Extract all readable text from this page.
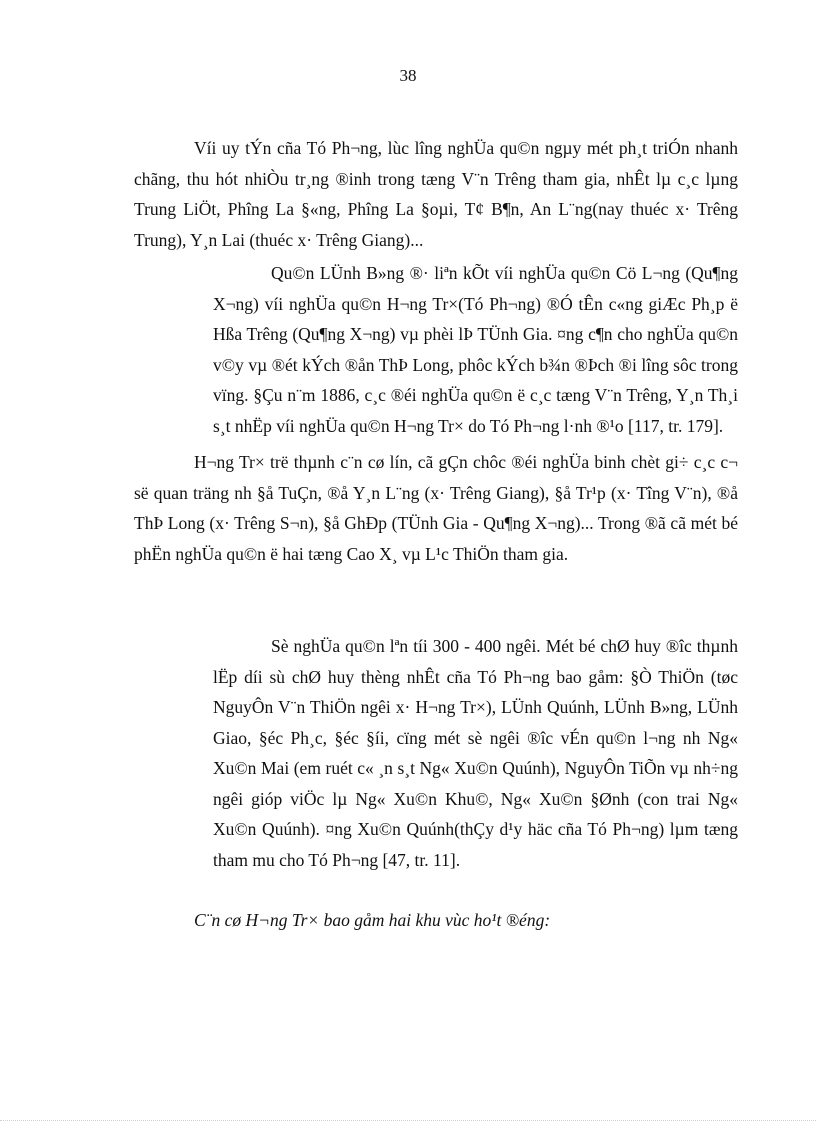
38

Víi uy tÝn cña Tó Ph¬ng, lùc lîng nghÜa qu©n ngµy mét ph¸t triÓn nhanh chãng, thu hót nhiÒu tr¸ng ®inh trong tæng V¨n Trêng tham gia, nhÊt lµ c¸c lµng Trung LiÖt, Phîng La §«ng, Phîng La §oµi, T¢ B¶n, An L¨ng(nay thuéc x· Trêng Trung), Y¸n Lai (thuéc x· Trêng Giang)...

Qu©n LÜnh B»ng ®· liªn kÕt víi nghÜa qu©n Cö L¬ng (Qu¶ng X¬ng) víi nghÜa qu©n H¬ng Tr×(Tó Ph¬ng) ®Ó tÊn c«ng giÆc Ph¸p ë Hßa Trêng (Qu¶ng X¬ng) vµ phèi lÞ TÜnh Gia. ¤ng c¶n cho nghÜa qu©n v©y vµ ®ét kÝch ®ån ThÞ Long, phôc kÝch b¾n ®Þch ®i lîng sôc trong vïng. §Çu n¨m 1886, c¸c ®éi nghÜa qu©n ë c¸c tæng V¨n Trêng, Y¸n Th¸i s¸t nhËp víi nghÜa qu©n H¬ng Tr× do Tó Ph¬ng l·nh ®¹o [117, tr. 179].

H¬ng Tr× trë thµnh c¨n cø lín, cã gÇn chôc ®éi nghÜa binh chèt gi÷ c¸c c¬ së quan träng nh §å TuÇn, ®å Y¸n L¨ng (x· Trêng Giang), §å Tr¹p (x· Tîng V¨n), ®å ThÞ Long (x· Trêng S¬n), §å GhÐp (TÜnh Gia - Qu¶ng X¬ng)... Trong ®ã cã mét bé phËn nghÜa qu©n ë hai tæng Cao X¸ vµ L¹c ThiÖn tham gia.

Sè nghÜa qu©n lªn tíi 300 - 400 ngêi. Mét bé chØ huy ®îc thµnh lËp díi sù chØ huy thèng nhÊt cña Tó Ph¬ng bao gåm: §Ò ThiÖn (tøc NguyÔn V¨n ThiÖn ngêi x· H¬ng Tr×), LÜnh Quúnh, LÜnh B»ng, LÜnh Giao, §éc Ph¸c, §éc §íi, cïng mét sè ngêi ®îc vÉn qu©n l¬ng nh Ng« Xu©n Mai (em ruét c« ¸n s¸t Ng« Xu©n Quúnh), NguyÔn TiÕn vµ nh÷ng ngêi gióp viÖc lµ Ng« Xu©n Khu©, Ng« Xu©n §Ønh (con trai Ng« Xu©n Quúnh). ¤ng Xu©n Quúnh(thÇy d¹y häc cña Tó Ph¬ng) lµm tæng tham mu cho Tó Ph¬ng [47, tr. 11].

C¨n cø H¬ng Tr× bao gåm hai khu vùc ho¹t ®éng:
